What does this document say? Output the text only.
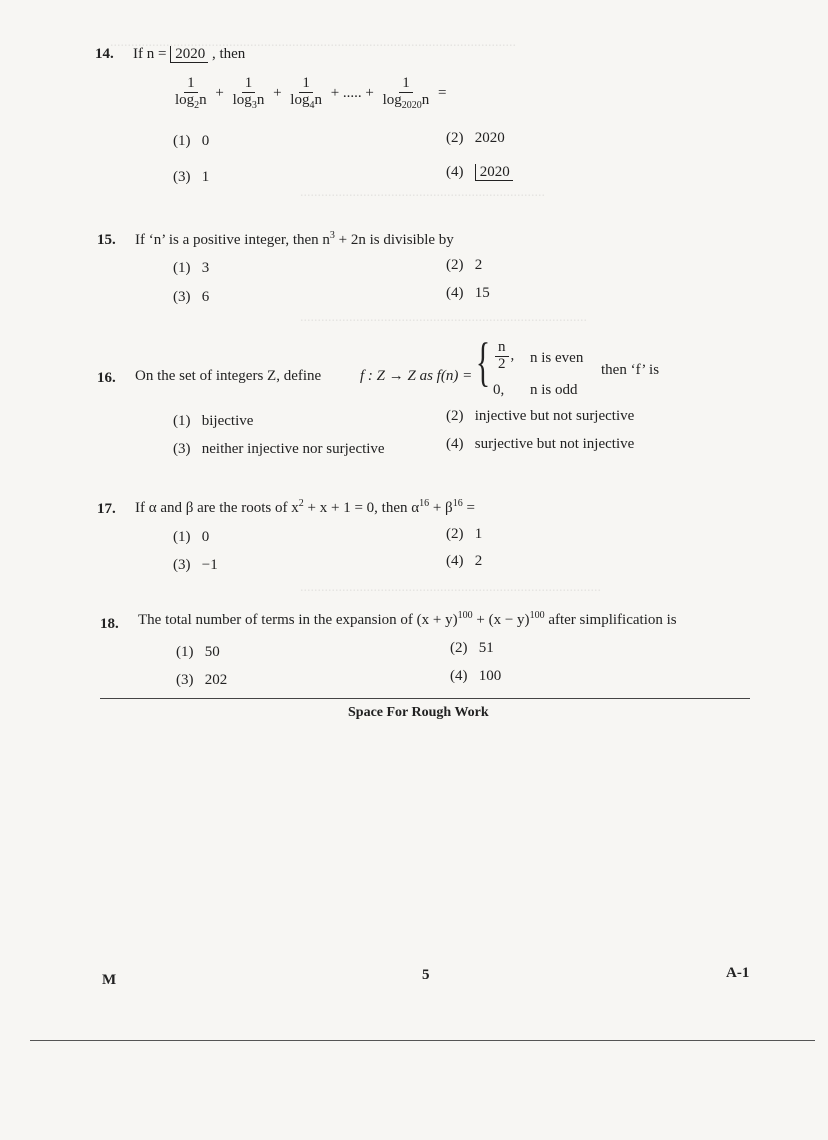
....................................................................................................................
......................................................................
..................................................................................
......................................................................................
14. If n = 2020 , then
$\frac{1}{\log_2n} + \frac{1}{\log_3n} + \frac{1}{\log_4n}$ + ..... + $\frac{1}{\log_{2020}n}$ =
(1) 0	(2) 2020
(3) 1	(4) 2020
15. If ‘n’ is a positive integer, then $n^3 + 2n$ is divisible by
(1) 3	(2) 2
(3) 6	(4) 15
16. On the set of integers Z, define	f : Z → Z as f(n) = { $\frac{n}{2}$ , n is even
0, n is odd
then ‘f’ is
(1) bijective	(2) injective but not surjective
(3) neither injective nor surjective	(4) surjective but not injective
17. If α and β are the roots of $x^2 + x + 1 = 0$, then $\alpha^{16} + \beta^{16}$ =
(1) 0	(2) 1
(3) −1	(4) 2
18. The total number of terms in the expansion of $(x + y)^{100} + (x - y)^{100}$ after simplification is
(1) 50	(2) 51
(3) 202	(4) 100
Space For Rough Work
M	5	A-1
